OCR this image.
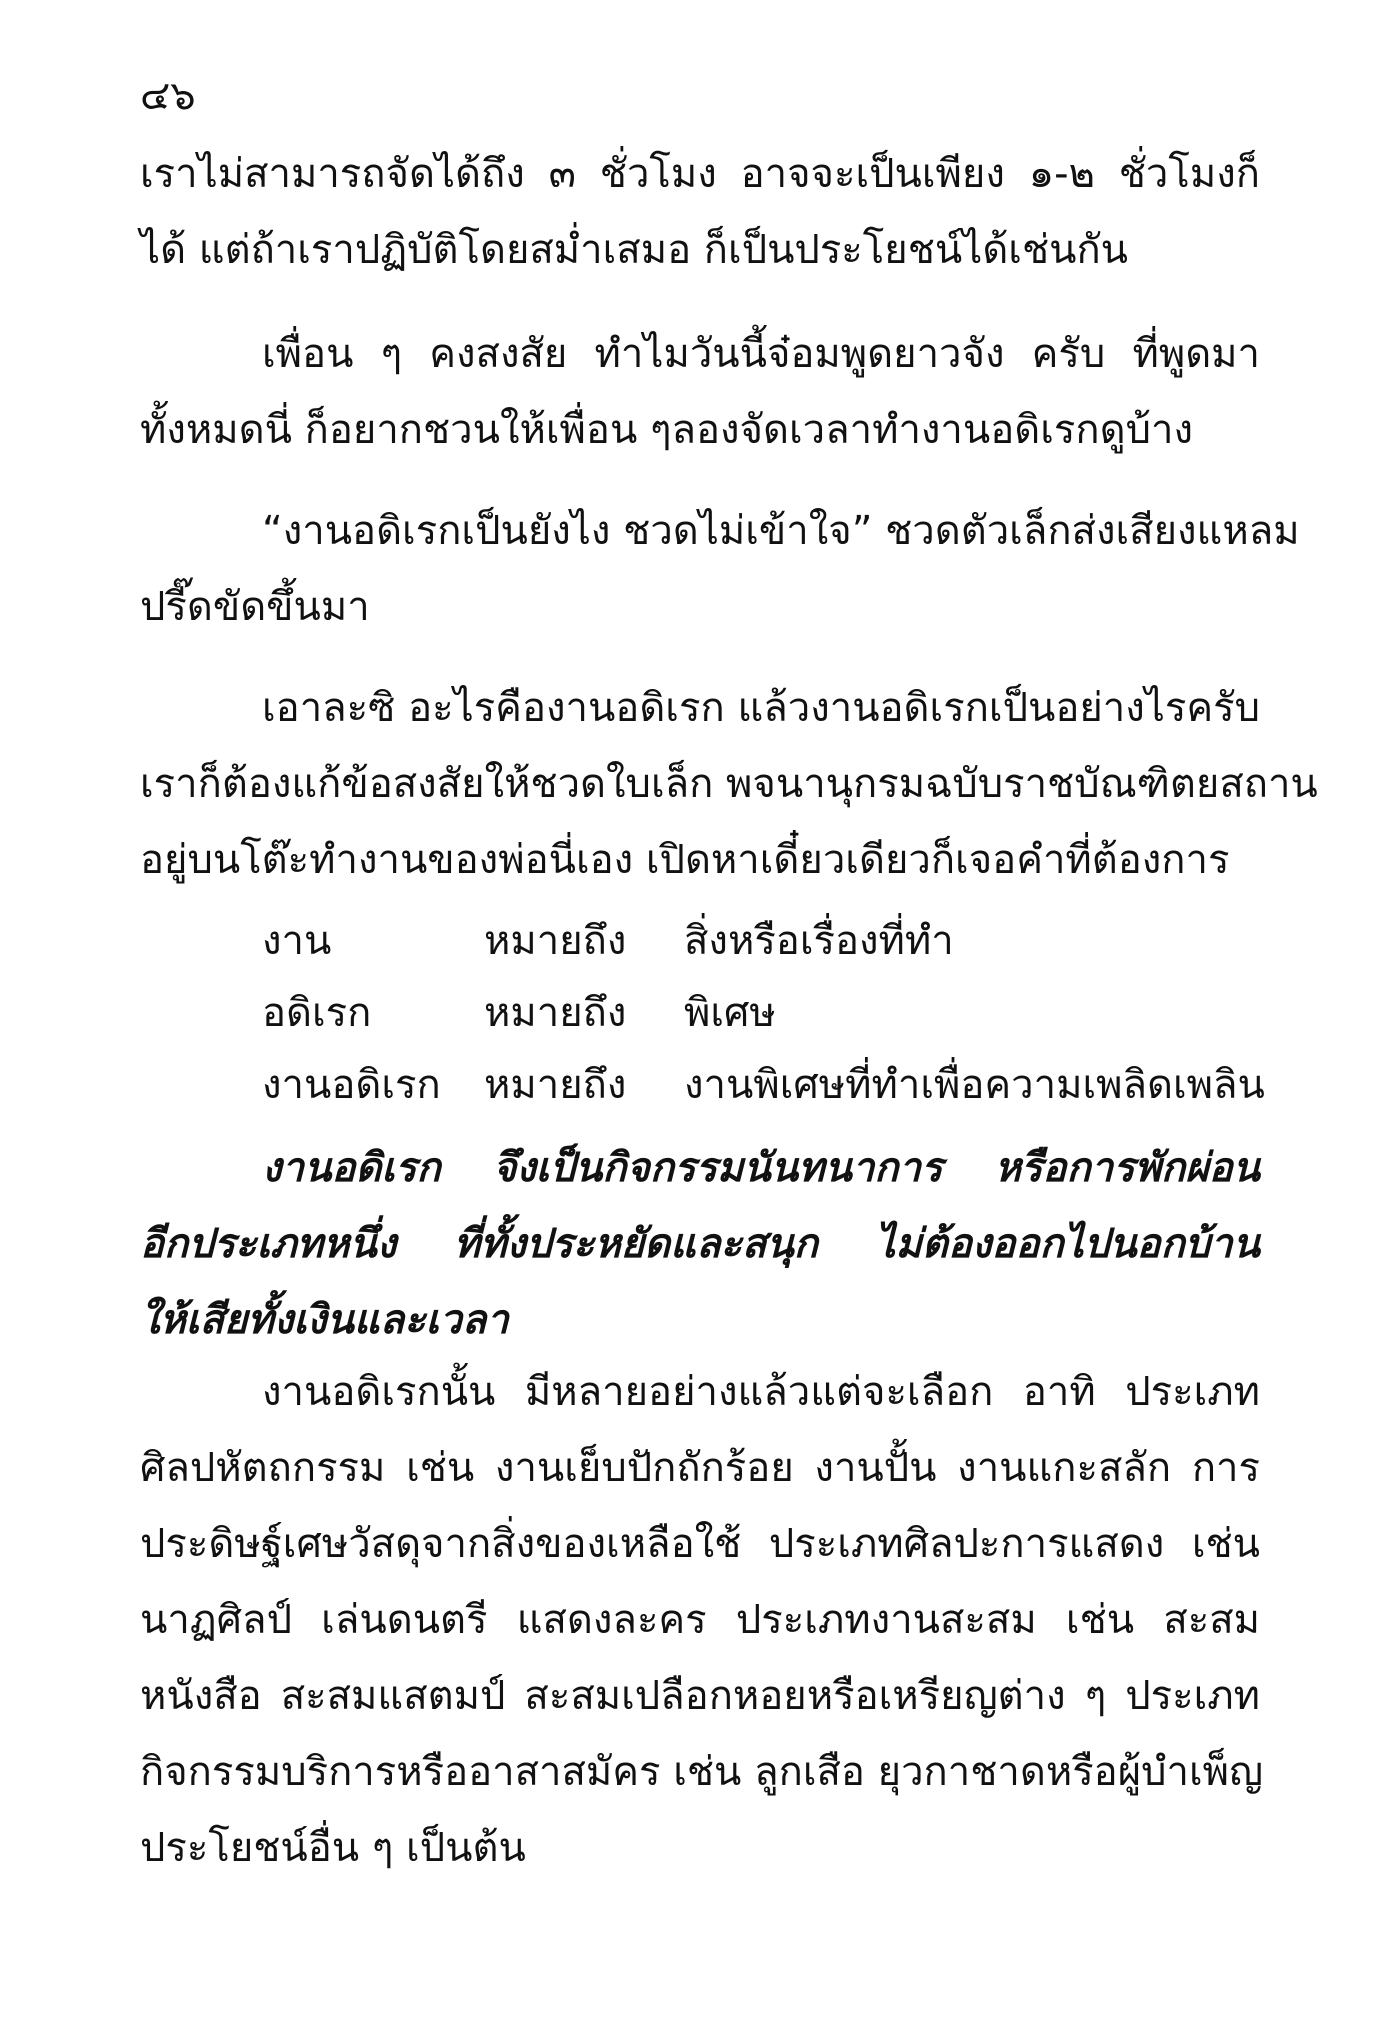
๔๖
เราไม่สามารถจัดได้ถึง ๓ ชั่วโมง อาจจะเป็นเพียง ๑-๒ ชั่วโมงก็
ได้ แต่ถ้าเราปฏิบัติโดยสม่ำเสมอ ก็เป็นประโยชน์ได้เช่นกัน
เพื่อน ๆ คงสงสัย ทำไมวันนี้จ๋อมพูดยาวจัง ครับ ที่พูดมา
ทั้งหมดนี่ ก็อยากชวนให้เพื่อน ๆลองจัดเวลาทำงานอดิเรกดูบ้าง
“งานอดิเรกเป็นยังไง ชวดไม่เข้าใจ” ชวดตัวเล็กส่งเสียงแหลม
ปรี๊ดขัดขึ้นมา
เอาละซิ อะไรคืองานอดิเรก แล้วงานอดิเรกเป็นอย่างไรครับ
เราก็ต้องแก้ข้อสงสัยให้ชวดใบเล็ก พจนานุกรมฉบับราชบัณฑิตยสถาน
อยู่บนโต๊ะทำงานของพ่อนี่เอง เปิดหาเดี๋ยวเดียวก็เจอคำที่ต้องการ
งาน	หมายถึง	สิ่งหรือเรื่องที่ทำ
อดิเรก	หมายถึง	พิเศษ
งานอดิเรก	หมายถึง	งานพิเศษที่ทำเพื่อความเพลิดเพลิน
งานอดิเรก จึงเป็นกิจกรรมนันทนาการ หรือการพักผ่อน
อีกประเภทหนึ่ง ที่ทั้งประหยัดและสนุก ไม่ต้องออกไปนอกบ้าน
ให้เสียทั้งเงินและเวลา
งานอดิเรกนั้น มีหลายอย่างแล้วแต่จะเลือก อาทิ ประเภท
ศิลปหัตถกรรม เช่น งานเย็บปักถักร้อย งานปั้น งานแกะสลัก การ
ประดิษฐ์เศษวัสดุจากสิ่งของเหลือใช้ ประเภทศิลปะการแสดง เช่น
นาฏศิลป์ เล่นดนตรี แสดงละคร ประเภทงานสะสม เช่น สะสม
หนังสือ สะสมแสตมป์ สะสมเปลือกหอยหรือเหรียญต่าง ๆ ประเภท
กิจกรรมบริการหรืออาสาสมัคร เช่น ลูกเสือ ยุวกาชาดหรือผู้บำเพ็ญ
ประโยชน์อื่น ๆ เป็นต้น
